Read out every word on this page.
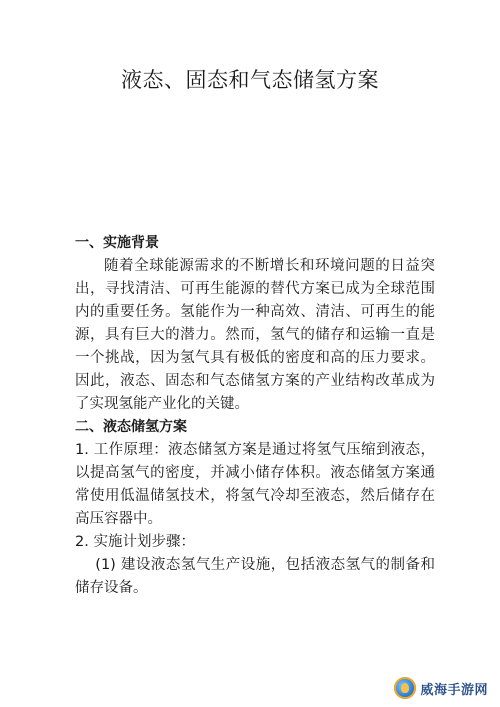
液态、固态和气态储氢方案

一、实施背景

随着全球能源需求的不断增长和环境问题的日益突出，寻找清洁、可再生能源的替代方案已成为全球范围内的重要任务。氢能作为一种高效、清洁、可再生的能源，具有巨大的潜力。然而，氢气的储存和运输一直是一个挑战，因为氢气具有极低的密度和高的压力要求。因此，液态、固态和气态储氢方案的产业结构改革成为了实现氢能产业化的关键。

二、液态储氢方案

1. 工作原理：液态储氢方案是通过将氢气压缩到液态，以提高氢气的密度，并减小储存体积。液态储氢方案通常使用低温储氢技术，将氢气冷却至液态，然后储存在高压容器中。

2. 实施计划步骤：

(1) 建设液态氢气生产设施，包括液态氢气的制备和储存设备。

威海手游网
